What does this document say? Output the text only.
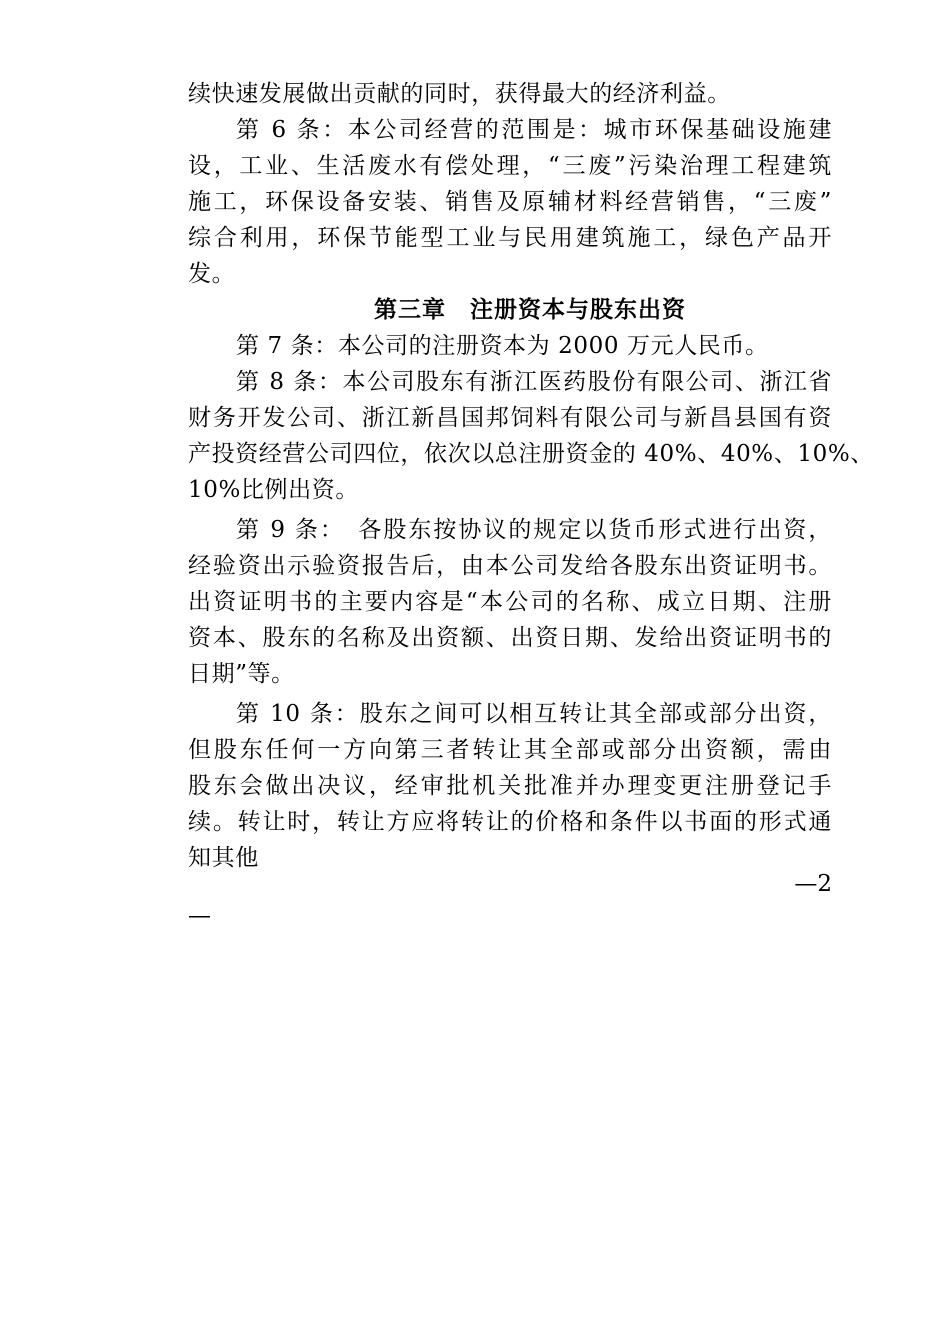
续快速发展做出贡献的同时，获得最大的经济利益。
第 6 条：本公司经营的范围是：城市环保基础设施建
设，工业、生活废水有偿处理，“三废”污染治理工程建筑
施工，环保设备安装、销售及原辅材料经营销售，“三废”
综合利用，环保节能型工业与民用建筑施工，绿色产品开
发。
第三章　注册资本与股东出资
第 7 条：本公司的注册资本为 2000 万元人民币。
第 8 条：本公司股东有浙江医药股份有限公司、浙江省
财务开发公司、浙江新昌国邦饲料有限公司与新昌县国有资
产投资经营公司四位，依次以总注册资金的 40%、40%、10%、
10%比例出资。
第 9 条：　各股东按协议的规定以货币形式进行出资，
经验资出示验资报告后，由本公司发给各股东出资证明书。
出资证明书的主要内容是“本公司的名称、成立日期、注册
资本、股东的名称及出资额、出资日期、发给出资证明书的
日期”等。
第 10 条：股东之间可以相互转让其全部或部分出资，
但股东任何一方向第三者转让其全部或部分出资额，需由
股东会做出决议，经审批机关批准并办理变更注册登记手
续。转让时，转让方应将转让的价格和条件以书面的形式通
知其他
—2
—
